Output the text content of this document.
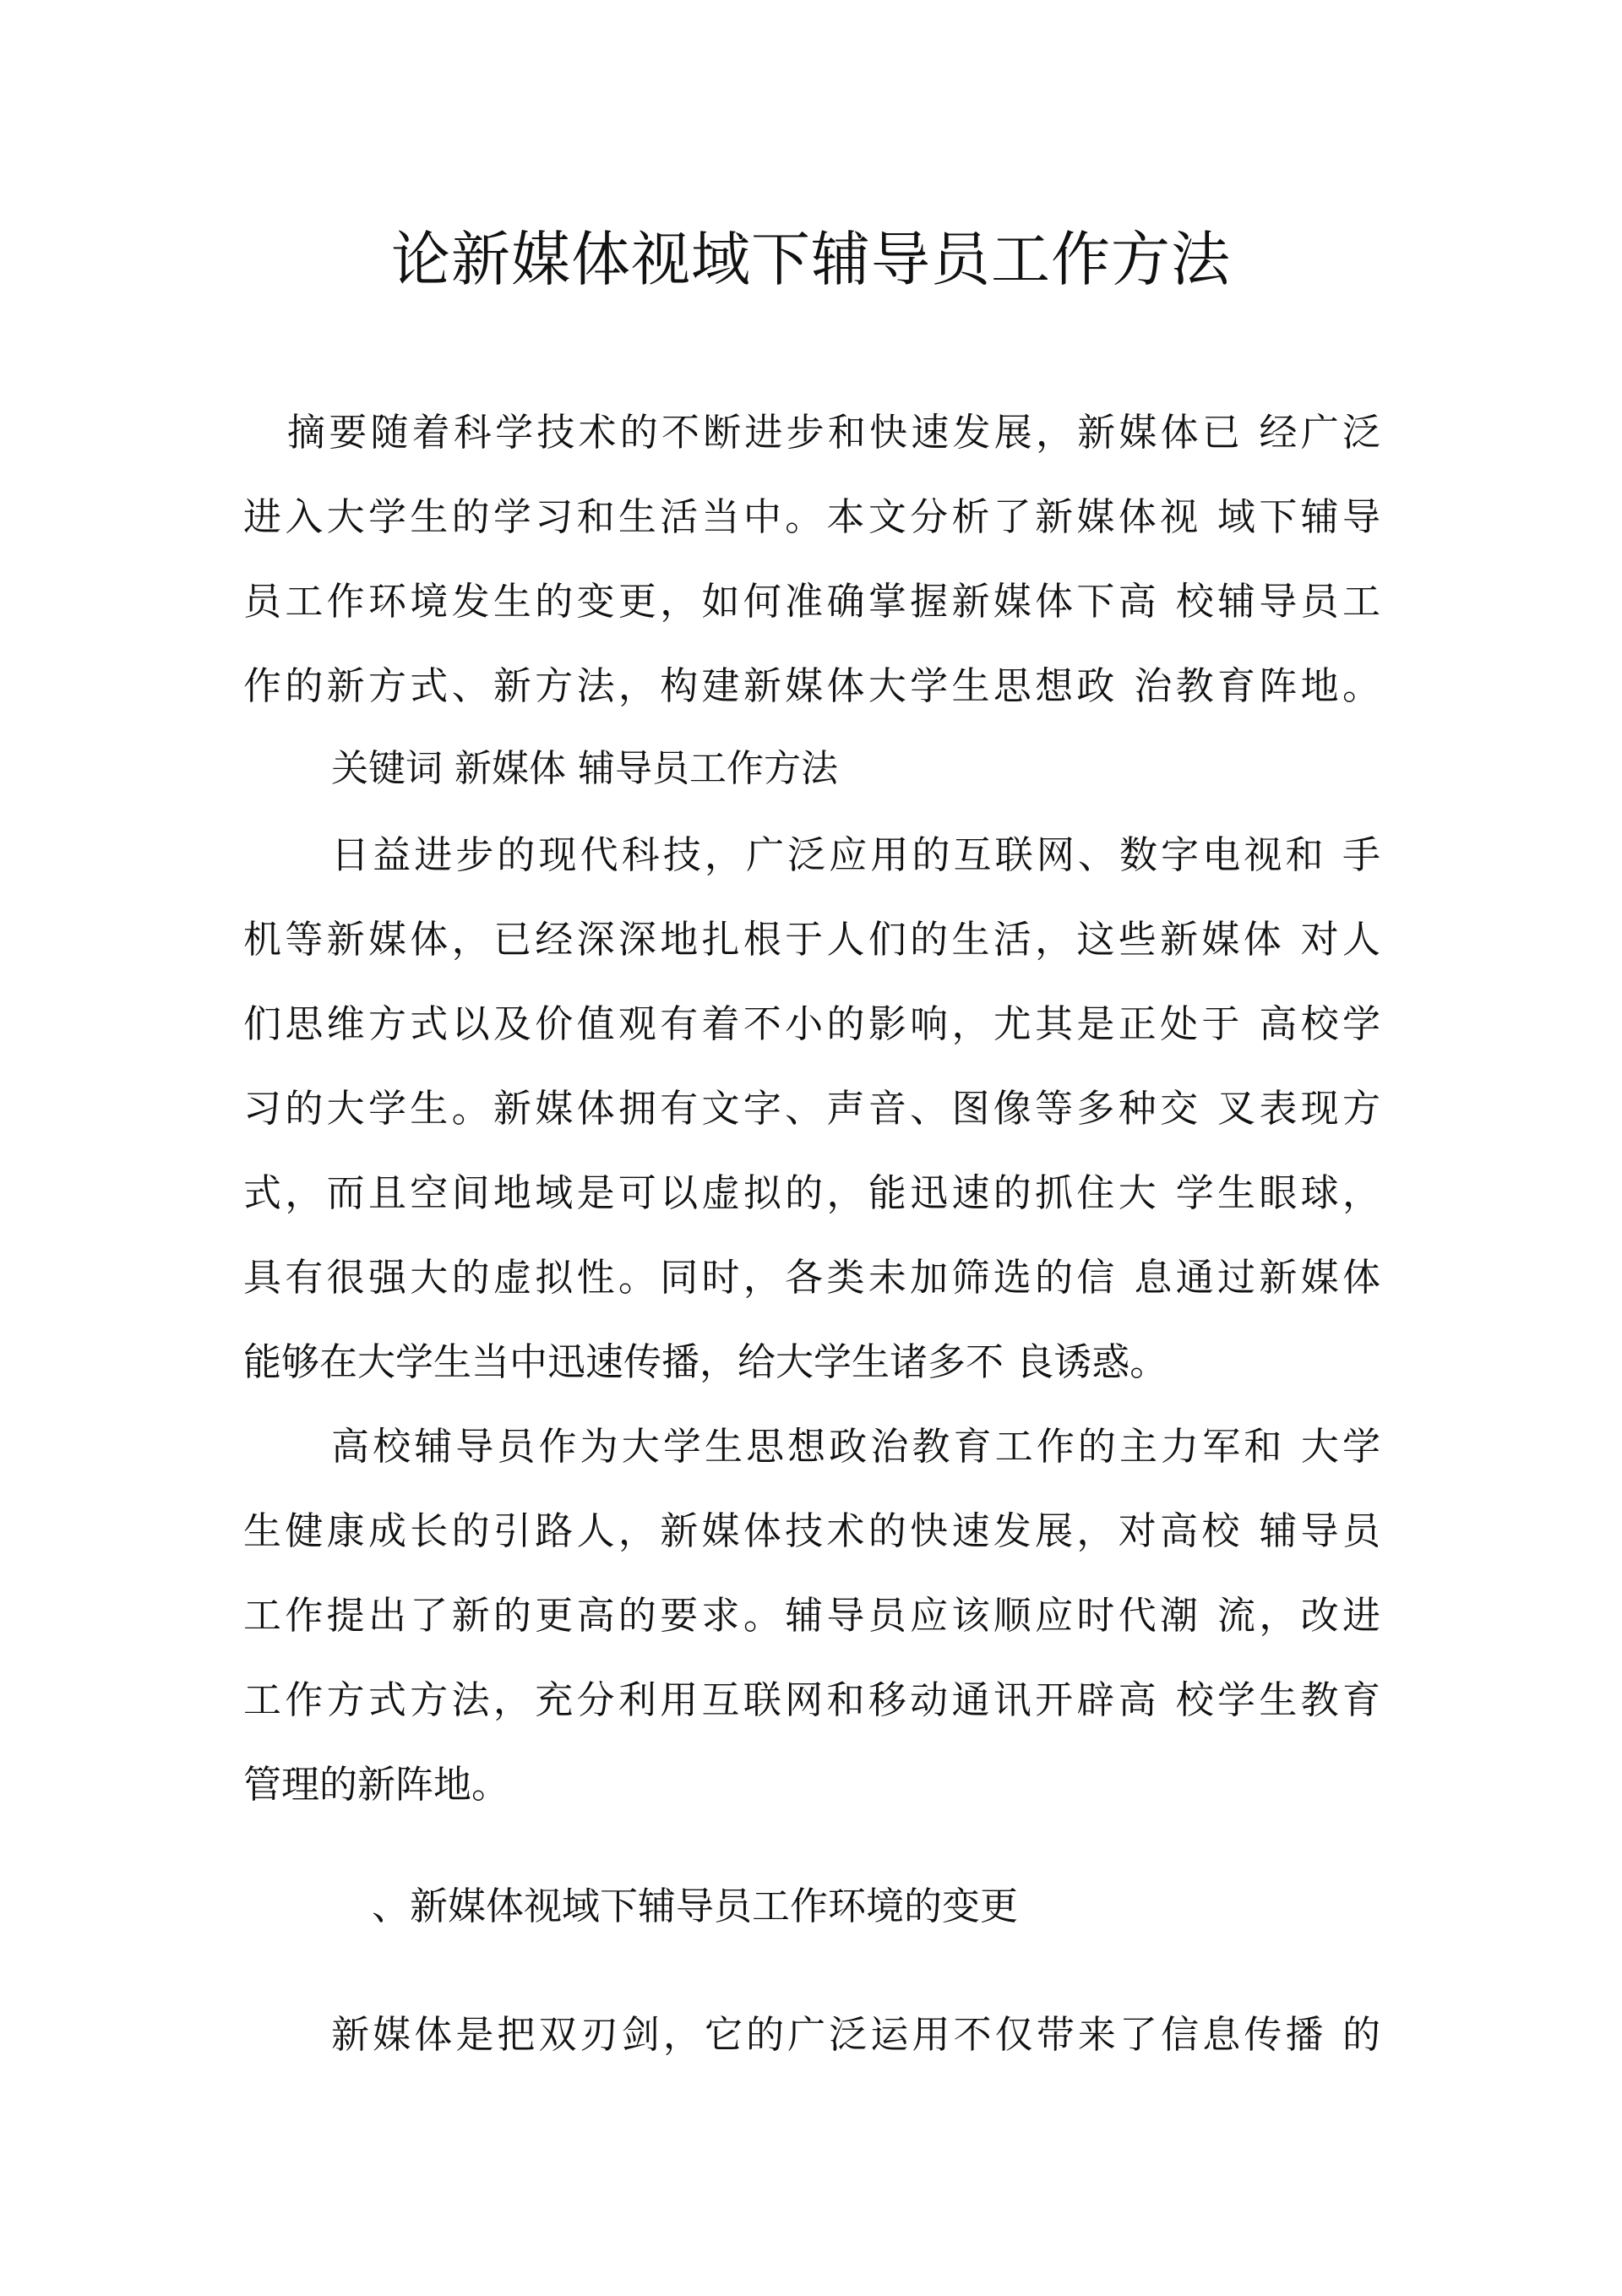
论新媒体视域下辅导员工作方法
摘要随着科学技术的不断进步和快速发展，新媒体已 经广泛
进入大学生的学习和生活当中。本文分析了新媒体视 域下辅导
员工作环境发生的变更，如何准确掌握新媒体下高 校辅导员工
作的新方式、新方法，构建新媒体大学生思想政 治教育阵地。
关键词 新媒体 辅导员工作方法
日益进步的现代科技，广泛应用的互联网、数字电视和 手
机等新媒体，已经深深地扎根于人们的生活，这些新媒体 对人
们思维方式以及价值观有着不小的影响，尤其是正处于 高校学
习的大学生。新媒体拥有文字、声音、图像等多种交 叉表现方
式，而且空间地域是可以虚拟的，能迅速的抓住大 学生眼球，
具有很强大的虚拟性。同时，各类未加筛选的信 息通过新媒体
能够在大学生当中迅速传播，给大学生诸多不 良诱惑。
高校辅导员作为大学生思想政治教育工作的主力军和 大学
生健康成长的引路人，新媒体技术的快速发展，对高校 辅导员
工作提出了新的更高的要求。辅导员应该顺应时代潮 流，改进
工作方式方法，充分利用互联网和移动通讯开辟高 校学生教育
管理的新阵地。
、新媒体视域下辅导员工作环境的变更
新媒体是把双刃剑，它的广泛运用不仅带来了信息传播 的
